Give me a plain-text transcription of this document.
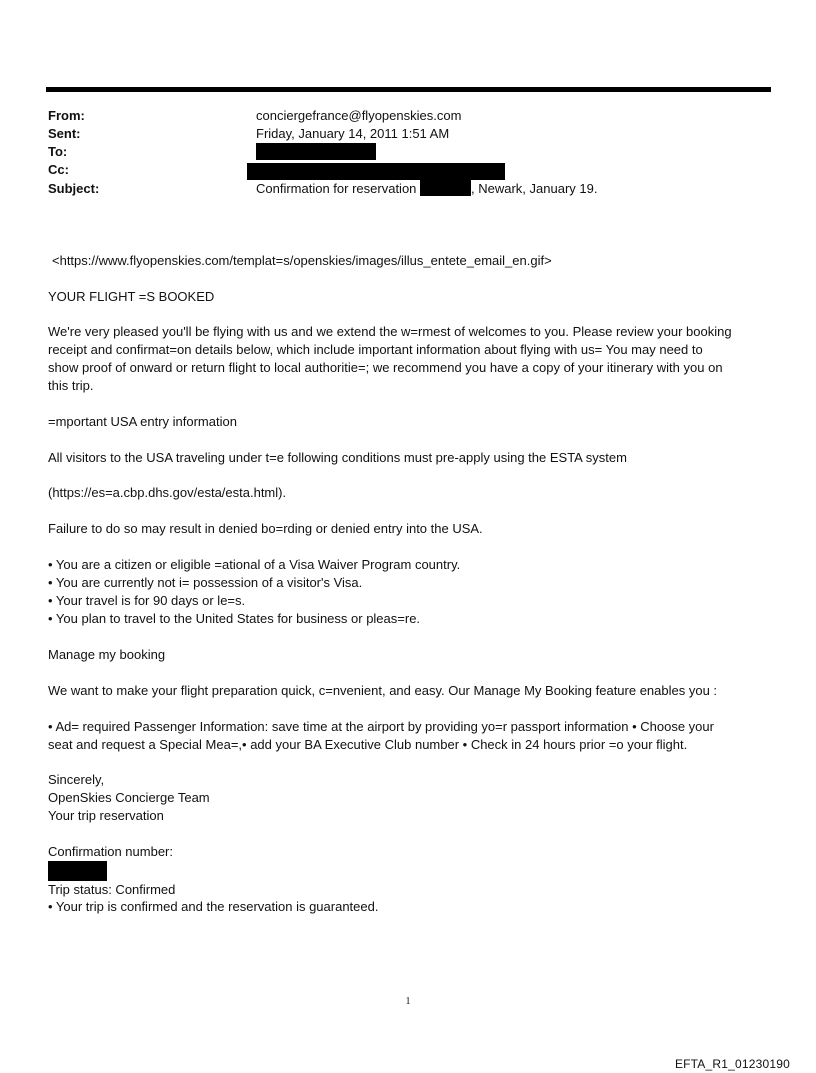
From:	conciergefrance@flyopenskies.com
Sent:	Friday, January 14, 2011 1:51 AM
To:
Cc:
Subject:	Confirmation for reservation	, Newark, January 19.
<https://www.flyopenskies.com/templat=s/openskies/images/illus_entete_email_en.gif>
YOUR FLIGHT =S BOOKED
We're very pleased you'll be flying with us and we extend the w=rmest of welcomes to you. Please review your booking
receipt and confirmat=on details below, which include important information about flying with us= You may need to
show proof of onward or return flight to local authoritie=; we recommend you have a copy of your itinerary with you on
this trip.
=mportant USA entry information
All visitors to the USA traveling under t=e following conditions must pre-apply using the ESTA system
(https://es=a.cbp.dhs.gov/esta/esta.html).
Failure to do so may result in denied bo=rding or denied entry into the USA.
• You are a citizen or eligible =ational of a Visa Waiver Program country.
• You are currently not i= possession of a visitor's Visa.
• Your travel is for 90 days or le=s.
• You plan to travel to the United States for business or pleas=re.
Manage my booking
We want to make your flight preparation quick, c=nvenient, and easy. Our Manage My Booking feature enables you :
• Ad= required Passenger Information: save time at the airport by providing yo=r passport information • Choose your
seat and request a Special Mea=,• add your BA Executive Club number • Check in 24 hours prior =o your flight.
Sincerely,
OpenSkies Concierge Team
Your trip reservation
Confirmation number:
Trip status: Confirmed
• Your trip is confirmed and the reservation is guaranteed.
1
EFTA_R1_01230190
